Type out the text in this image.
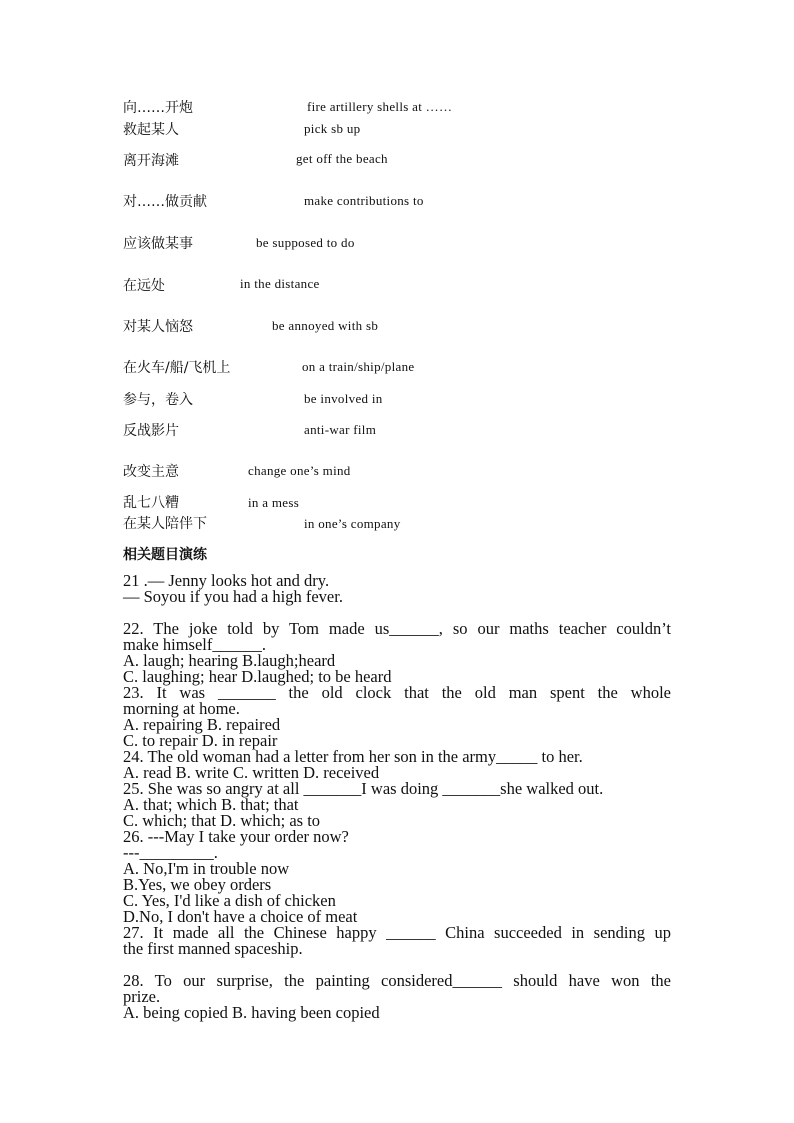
向……开炮	fire artillery shells at ……
救起某人	pick sb up
离开海滩	get off the beach
对……做贡献	make contributions to
应该做某事	be supposed to do
在远处	in the distance
对某人恼怒	be annoyed with sb
在火车/船/飞机上	on a train/ship/plane
参与，卷入	be involved in
反战影片	anti-war film
改变主意	change one’s mind
乱七八糟	in a mess
在某人陪伴下	in one’s company
相关题目演练
21 .— Jenny looks hot and dry.
— Soyou if you had a high fever.
22. The joke told by Tom made us______, so our maths teacher couldn’t
make himself______.
A. laugh; hearing B.laugh;heard
C. laughing; hear D.laughed; to be heard
23. It was _______ the old clock that the old man spent the whole
morning at home.
A. repairing B. repaired
C. to repair D. in repair
24. The old woman had a letter from her son in the army_____ to her.
A. read B. write C. written D. received
25. She was so angry at all _______I was doing _______she walked out.
A. that; which B. that; that
C. which; that D. which; as to
26. ---May I take your order now?
---_________.
A. No,I'm in trouble now
B.Yes, we obey orders
C. Yes, I'd like a dish of chicken
D.No, I don't have a choice of meat
27. It made all the Chinese happy ______ China succeeded in sending up
the first manned spaceship.
28. To our surprise, the painting considered______ should have won the
prize.
A. being copied B. having been copied
